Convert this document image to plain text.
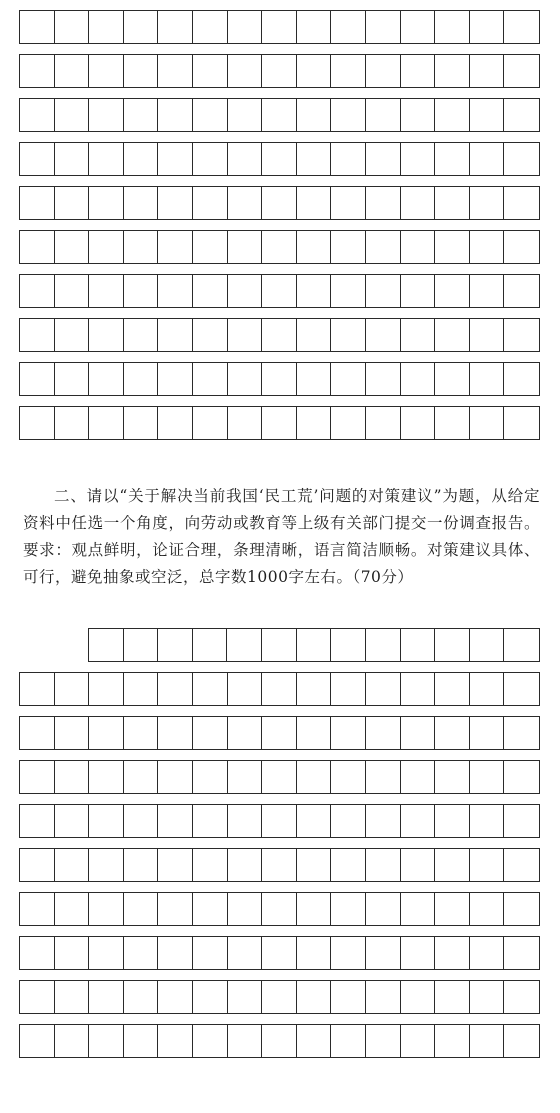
二、请以“关于解决当前我国‘民工荒’问题的对策建议”为题，从给定资料中任选一个角度，向劳动或教育等上级有关部门提交一份调查报告。要求：观点鲜明，论证合理，条理清晰，语言简洁顺畅。对策建议具体、可行，避免抽象或空泛，总字数1000字左右。（70分）
